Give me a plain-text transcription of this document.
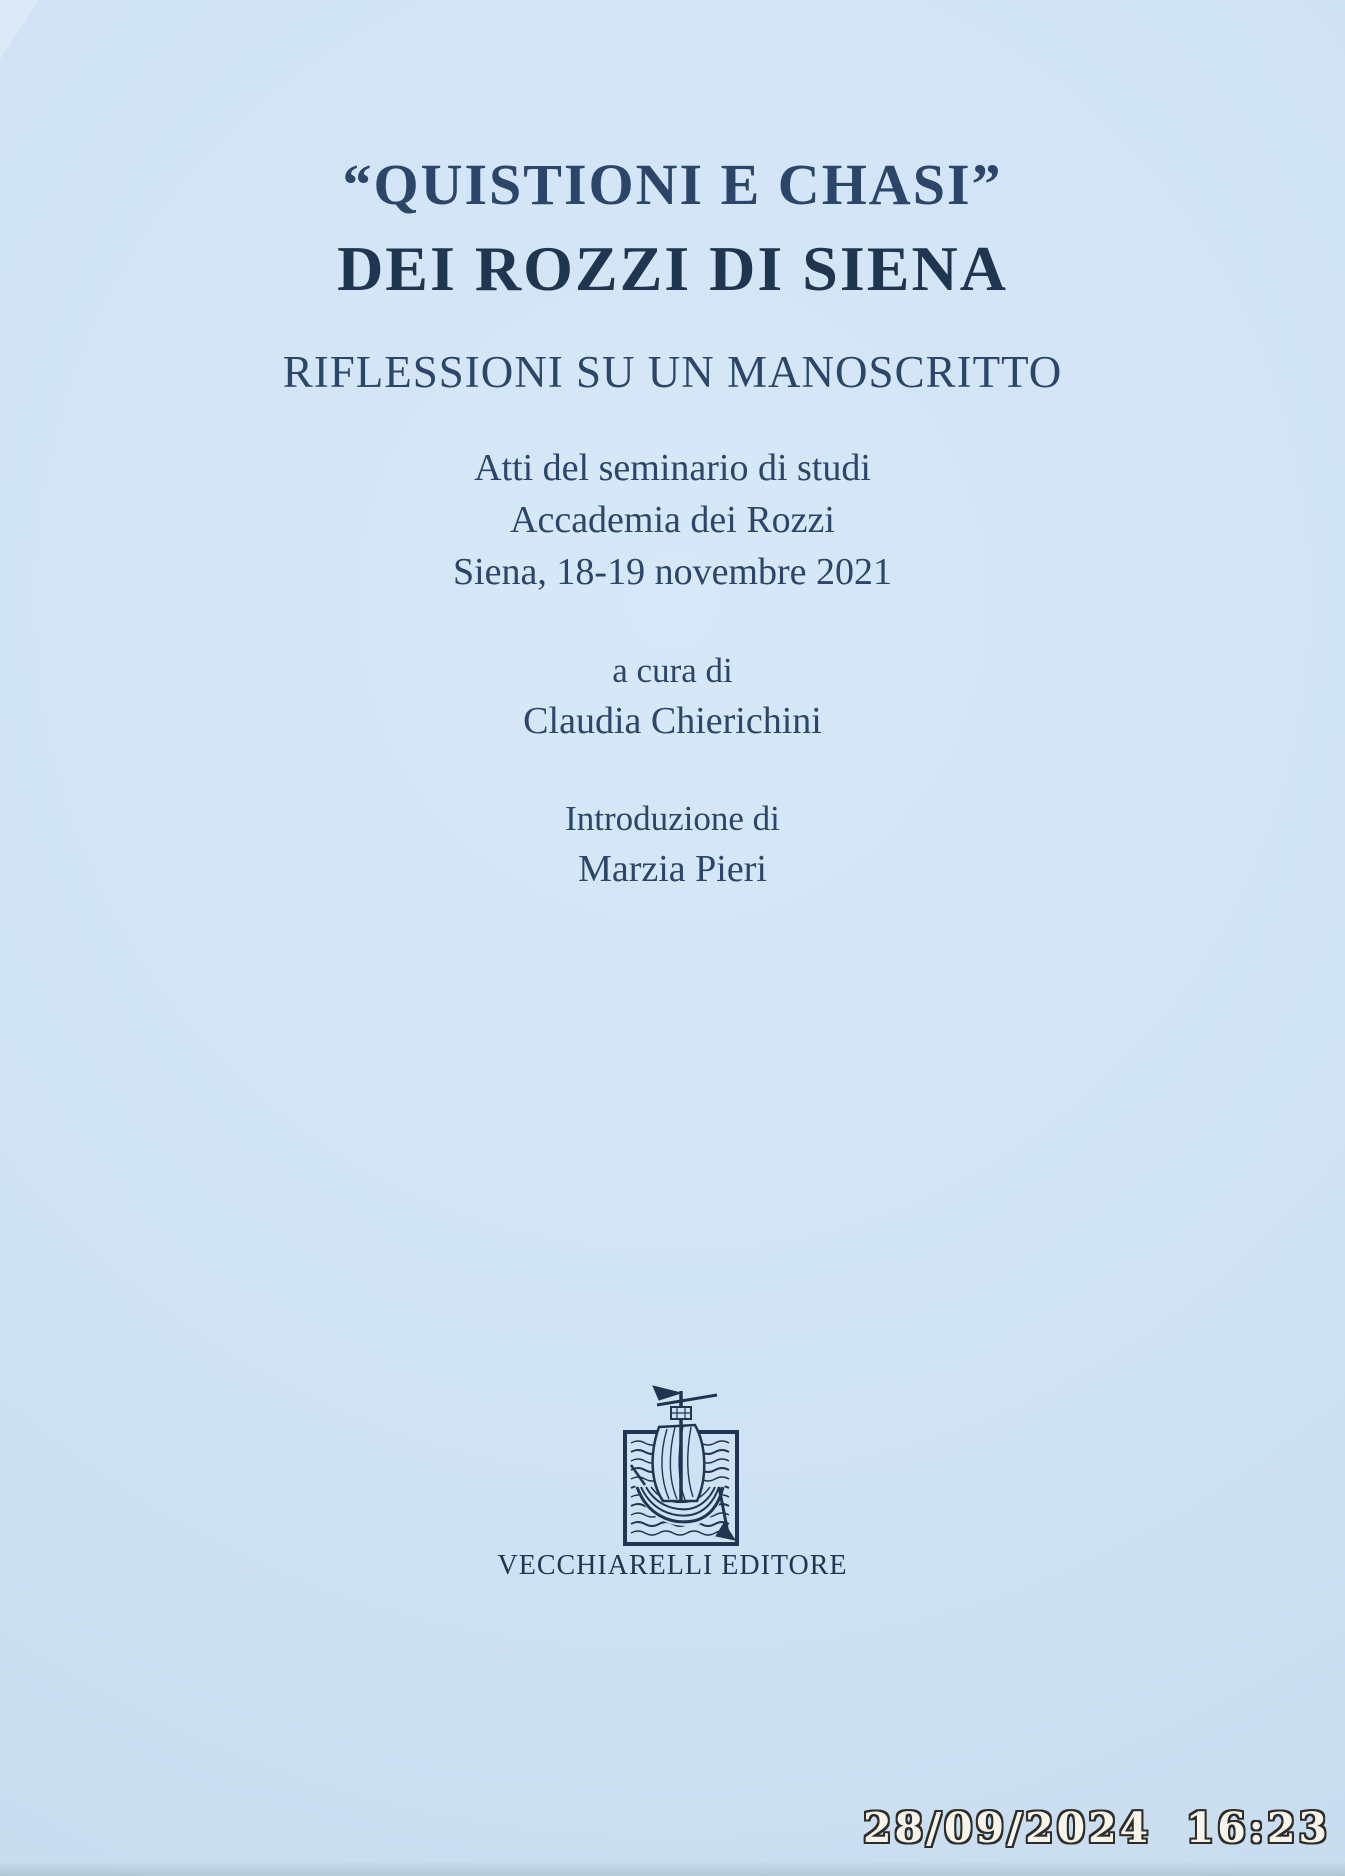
“QUISTIONI E CHASI”
DEI ROZZI DI SIENA
RIFLESSIONI SU UN MANOSCRITTO
Atti del seminario di studi
Accademia dei Rozzi
Siena, 18-19 novembre 2021
a cura di
Claudia Chierichini
Introduzione di
Marzia Pieri
VECCHIARELLI EDITORE
28/09/2024  16:23
